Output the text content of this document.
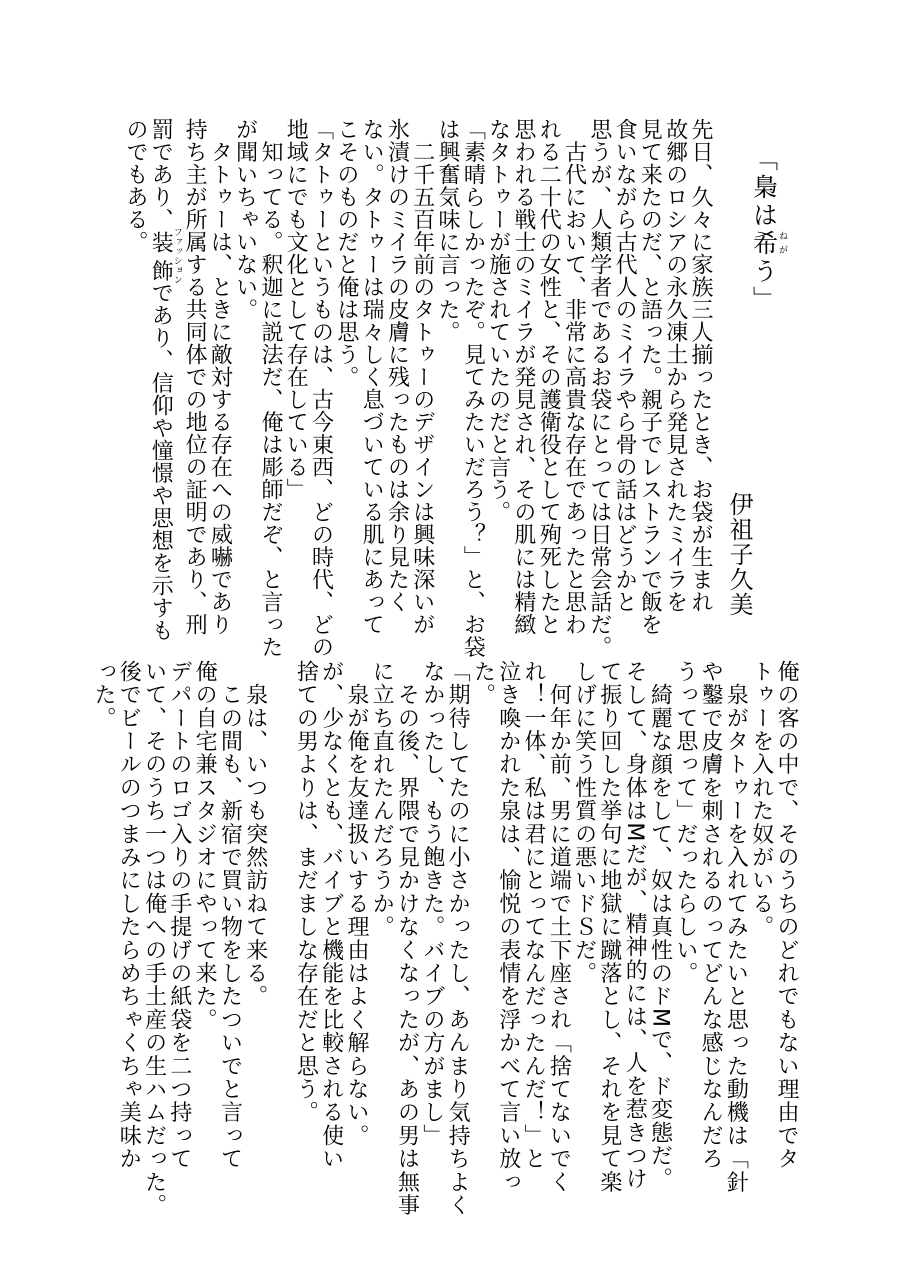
「梟は希ねがう」
伊祖子久美
先日、久々に家族三人揃ったとき、お袋が生まれ
故郷のロシアの永久凍土から発見されたミイラを
見て来たのだ、と語った。親子でレストランで飯を
食いながら古代人のミイラやら骨の話はどうかと
思うが、人類学者であるお袋にとっては日常会話だ。
　古代において、非常に高貴な存在であったと思わ
れる二十代の女性と、その護衛役として殉死したと
思われる戦士のミイラが発見され、その肌には精緻
なタトゥーが施されていたのだと言う。
「素晴らしかったぞ。見てみたいだろう？」と、お袋
は興奮気味に言った。
　二千五百年前のタトゥーのデザインは興味深いが
氷漬けのミイラの皮膚に残ったものは余り見たく
ない。タトゥーは瑞々しく息づいている肌にあって
こそのものだと俺は思う。
「タトゥーというものは、古今東西、どの時代、どの
地域にでも文化として存在している」
　知ってる。釈迦に説法だ、俺は彫師だぞ、と言った
が聞いちゃいない。
　タトゥーは、ときに敵対する存在への威嚇であり
持ち主が所属する共同体での地位の証明であり、刑
罰であり、装飾ファッションであり、信仰や憧憬や思想を示すも
のでもある。
俺の客の中で、そのうちのどれでもない理由でタ
トゥーを入れた奴がいる。
　泉がタトゥーを入れてみたいと思った動機は「針
や鑿で皮膚を刺されるのってどんな感じなんだろ
うって思って」だったらしい。
　綺麗な顔をして、奴は真性のドМで、ド変態だ。
そして、身体はМだが、精神的には、人を惹きつけ
て振り回した挙句に地獄に蹴落とし、それを見て楽
しげに笑う性質の悪いドＳだ。
　何年か前、男に道端で土下座され「捨てないでく
れ！一体、私は君にとってなんだったんだ！」と
泣き喚かれた泉は、愉悦の表情を浮かべて言い放っ
た。
「期待してたのに小さかったし、あんまり気持ちよく
なかったし、もう飽きた。バイブの方がまし」
　その後、界隈で見かけなくなったが、あの男は無事
に立ち直れたんだろうか。
　泉が俺を友達扱いする理由はよく解らない。
が、少なくとも、バイブと機能を比較される使い
捨ての男よりは、まだましな存在だと思う。

　泉は、いつも突然訪ねて来る。
　この間も、新宿で買い物をしたついでと言って
俺の自宅兼スタジオにやって来た。
デパートのロゴ入りの手提げの紙袋を二つ持って
いて、そのうち一つは俺への手土産の生ハムだった。
後でビールのつまみにしたらめちゃくちゃ美味か
った。
